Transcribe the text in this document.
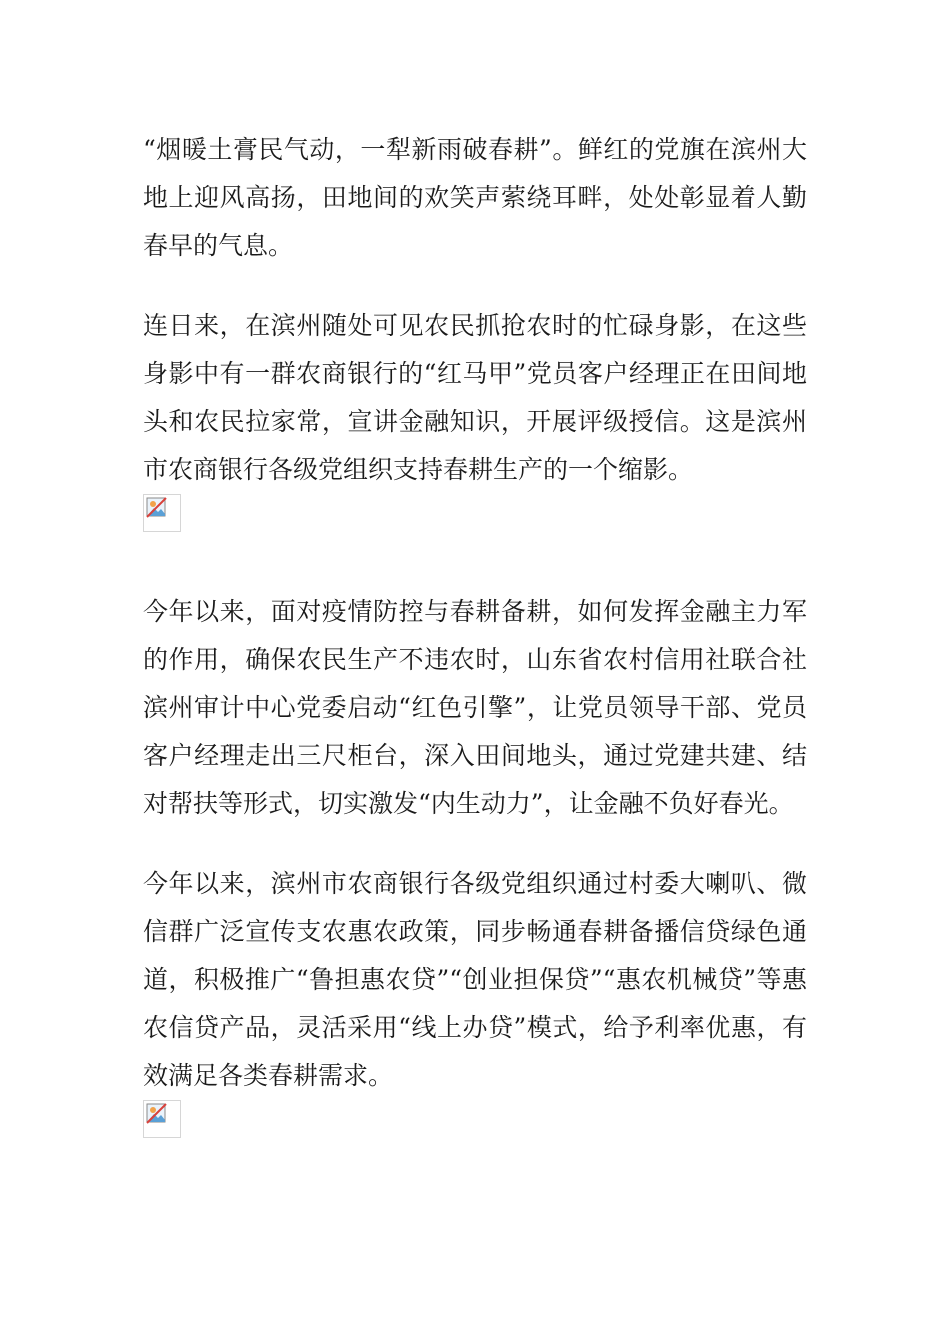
“烟暖土膏民气动，一犁新雨破春耕”。鲜红的党旗在滨州大地上迎风高扬，田地间的欢笑声萦绕耳畔，处处彰显着人勤春早的气息。

连日来，在滨州随处可见农民抓抢农时的忙碌身影，在这些身影中有一群农商银行的“红马甲”党员客户经理正在田间地头和农民拉家常，宣讲金融知识，开展评级授信。这是滨州市农商银行各级党组织支持春耕生产的一个缩影。

今年以来，面对疫情防控与春耕备耕，如何发挥金融主力军的作用，确保农民生产不违农时，山东省农村信用社联合社滨州审计中心党委启动“红色引擎”，让党员领导干部、党员客户经理走出三尺柜台，深入田间地头，通过党建共建、结对帮扶等形式，切实激发“内生动力”，让金融不负好春光。

今年以来，滨州市农商银行各级党组织通过村委大喇叭、微信群广泛宣传支农惠农政策，同步畅通春耕备播信贷绿色通道，积极推广“鲁担惠农贷”“创业担保贷”“惠农机械贷”等惠农信贷产品，灵活采用“线上办贷”模式，给予利率优惠，有效满足各类春耕需求。
